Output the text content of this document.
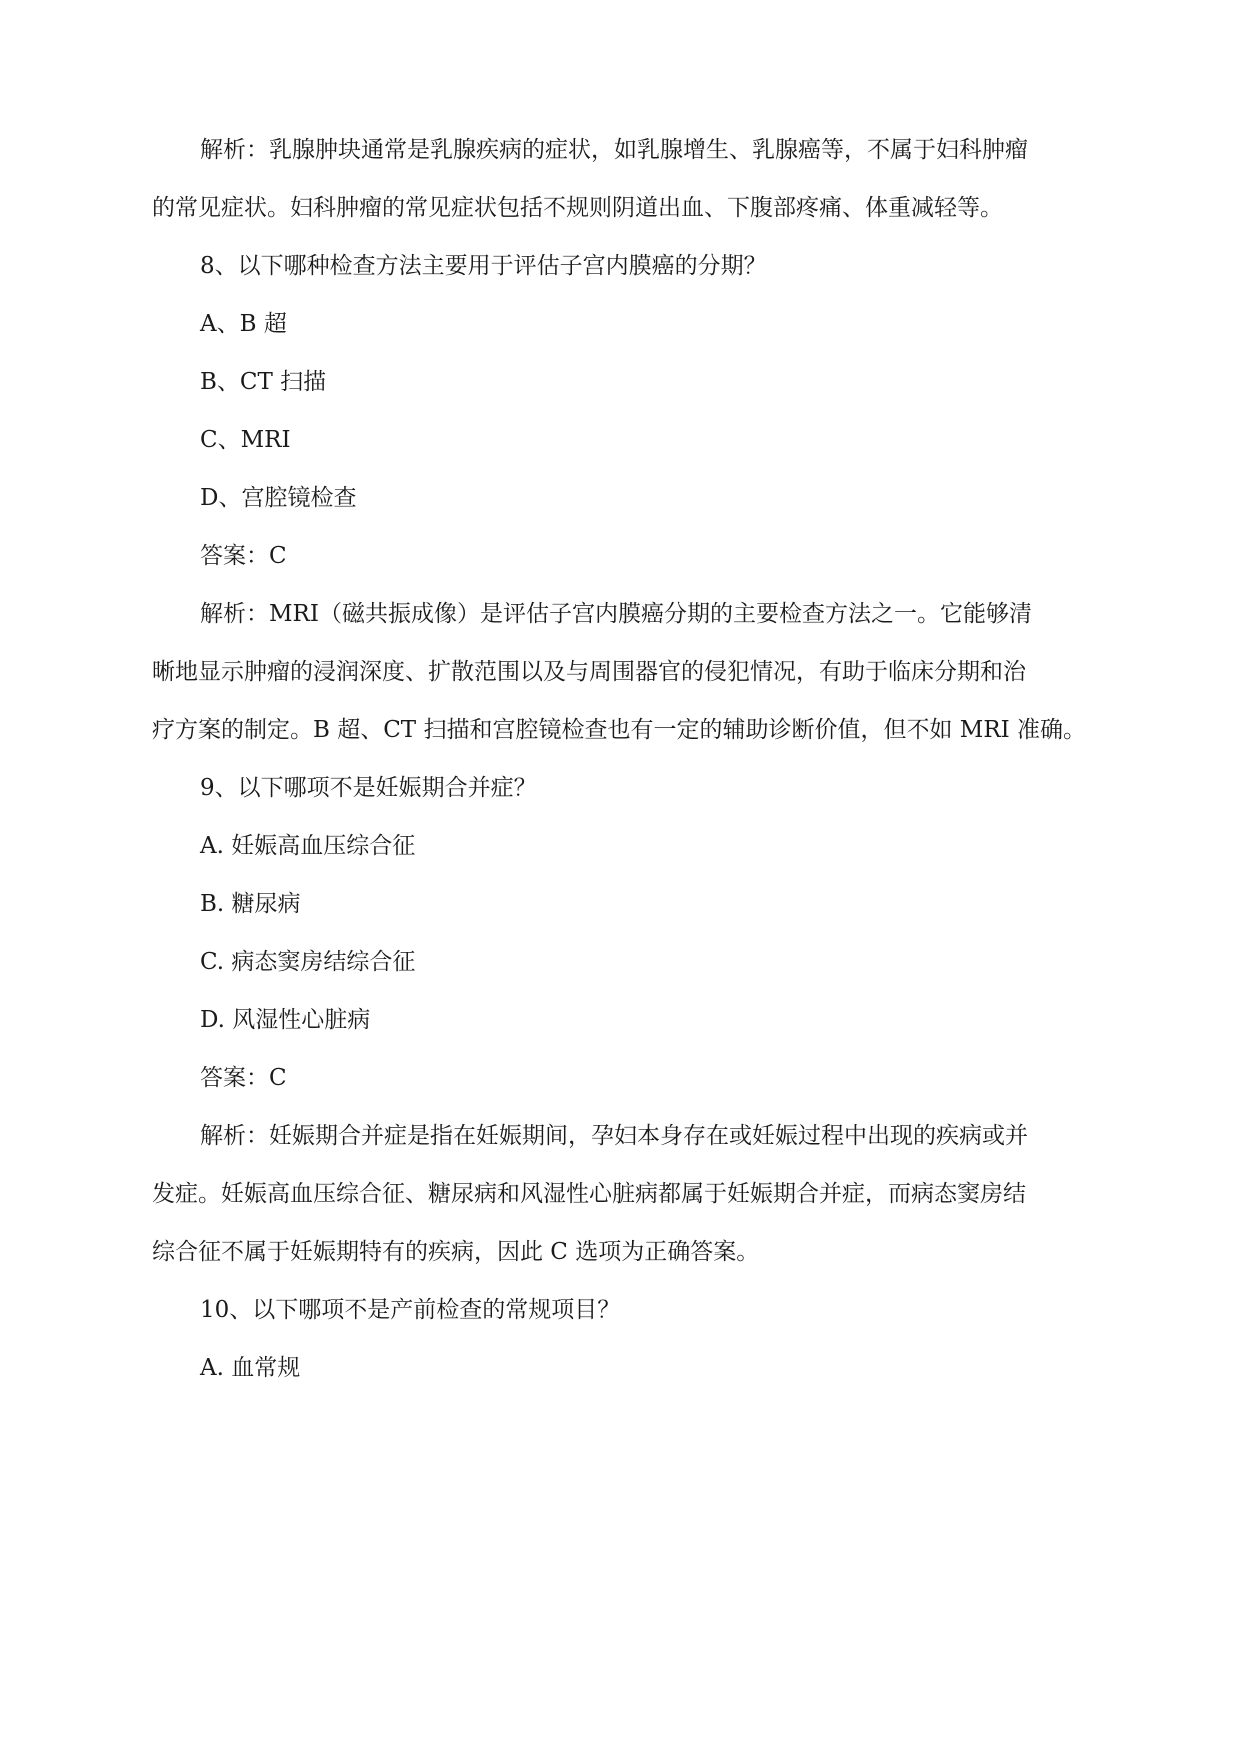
解析：乳腺肿块通常是乳腺疾病的症状，如乳腺增生、乳腺癌等，不属于妇科肿瘤
的常见症状。妇科肿瘤的常见症状包括不规则阴道出血、下腹部疼痛、体重减轻等。
8、以下哪种检查方法主要用于评估子宫内膜癌的分期？
A、B 超
B、CT 扫描
C、MRI
D、宫腔镜检查
答案：C
解析：MRI（磁共振成像）是评估子宫内膜癌分期的主要检查方法之一。它能够清
晰地显示肿瘤的浸润深度、扩散范围以及与周围器官的侵犯情况，有助于临床分期和治
疗方案的制定。B 超、CT 扫描和宫腔镜检查也有一定的辅助诊断价值，但不如 MRI 准确。
9、以下哪项不是妊娠期合并症？
A. 妊娠高血压综合征
B. 糖尿病
C. 病态窦房结综合征
D. 风湿性心脏病
答案：C
解析：妊娠期合并症是指在妊娠期间，孕妇本身存在或妊娠过程中出现的疾病或并
发症。妊娠高血压综合征、糖尿病和风湿性心脏病都属于妊娠期合并症，而病态窦房结
综合征不属于妊娠期特有的疾病，因此 C 选项为正确答案。
10、以下哪项不是产前检查的常规项目？
A. 血常规
